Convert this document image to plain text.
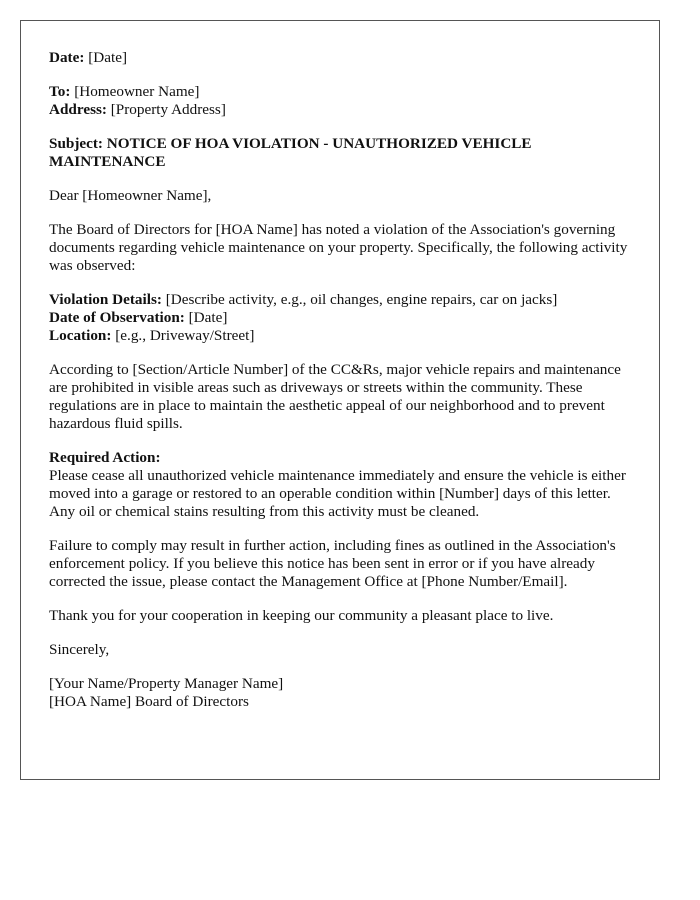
Date: [Date]

To: [Homeowner Name]
Address: [Property Address]

Subject: NOTICE OF HOA VIOLATION - UNAUTHORIZED VEHICLE MAINTENANCE

Dear [Homeowner Name],

The Board of Directors for [HOA Name] has noted a violation of the Association's governing documents regarding vehicle maintenance on your property. Specifically, the following activity was observed:

Violation Details: [Describe activity, e.g., oil changes, engine repairs, car on jacks]
Date of Observation: [Date]
Location: [e.g., Driveway/Street]

According to [Section/Article Number] of the CC&Rs, major vehicle repairs and maintenance are prohibited in visible areas such as driveways or streets within the community. These regulations are in place to maintain the aesthetic appeal of our neighborhood and to prevent hazardous fluid spills.

Required Action:
Please cease all unauthorized vehicle maintenance immediately and ensure the vehicle is either moved into a garage or restored to an operable condition within [Number] days of this letter. Any oil or chemical stains resulting from this activity must be cleaned.

Failure to comply may result in further action, including fines as outlined in the Association's enforcement policy. If you believe this notice has been sent in error or if you have already corrected the issue, please contact the Management Office at [Phone Number/Email].

Thank you for your cooperation in keeping our community a pleasant place to live.

Sincerely,

[Your Name/Property Manager Name]
[HOA Name] Board of Directors
